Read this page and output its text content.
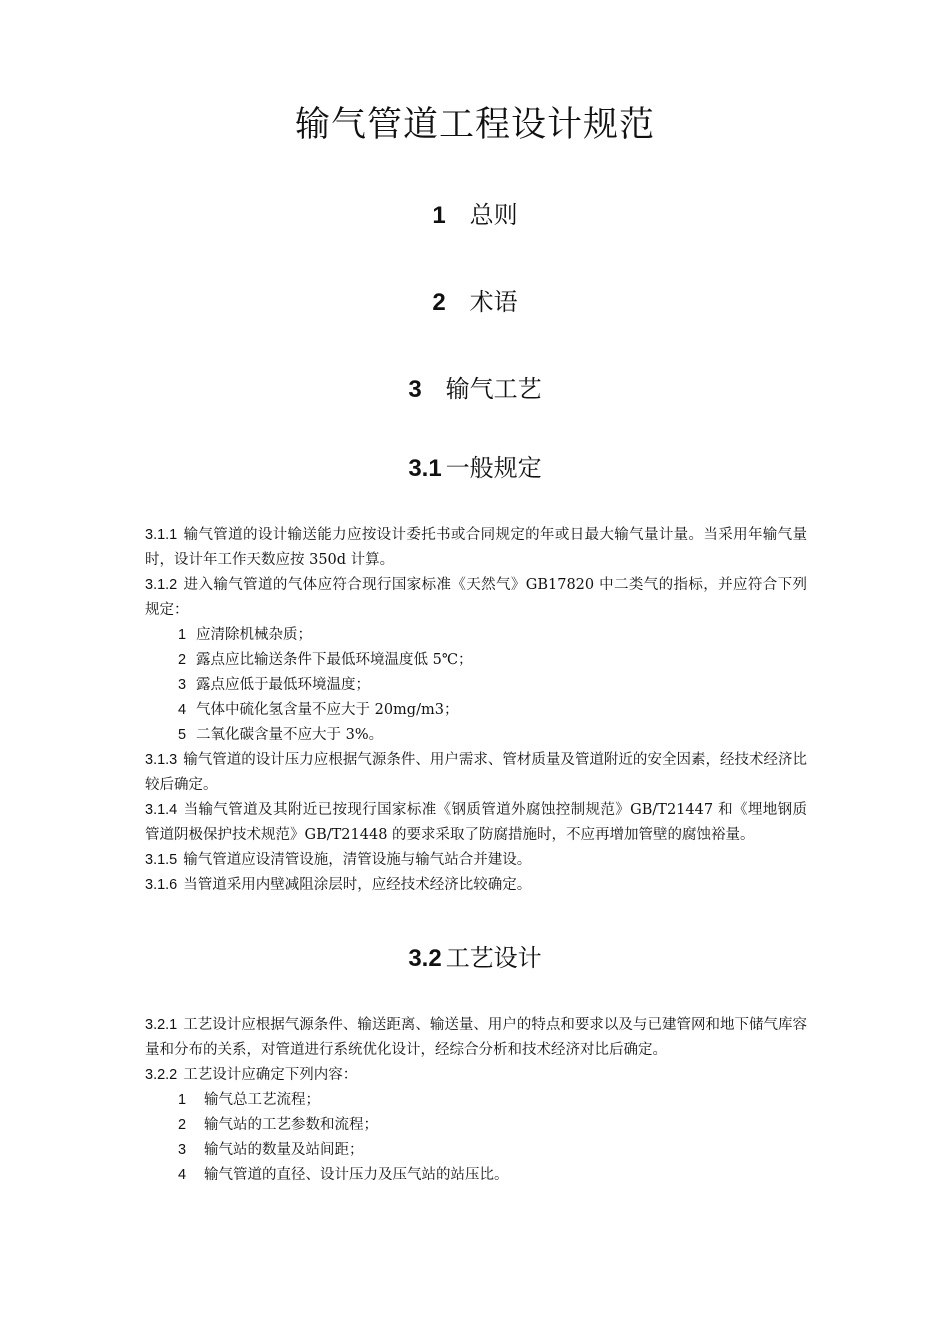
输气管道工程设计规范
1 总则
2 术语
3 输气工艺
3.1 一般规定

3.1.1 输气管道的设计输送能力应按设计委托书或合同规定的年或日最大输气量计量。当采用年输气量时，设计年工作天数应按 350d 计算。

3.1.2 进入输气管道的气体应符合现行国家标准《天然气》GB17820 中二类气的指标，并应符合下列规定：

1 应清除机械杂质；

2 露点应比输送条件下最低环境温度低 5℃；

3 露点应低于最低环境温度；

4 气体中硫化氢含量不应大于 20mg/m3；

5 二氧化碳含量不应大于 3%。

3.1.3 输气管道的设计压力应根据气源条件、用户需求、管材质量及管道附近的安全因素，经技术经济比较后确定。

3.1.4 当输气管道及其附近已按现行国家标准《钢质管道外腐蚀控制规范》GB/T21447 和《埋地钢质管道阴极保护技术规范》GB/T21448 的要求采取了防腐措施时，不应再增加管壁的腐蚀裕量。

3.1.5 输气管道应设清管设施，清管设施与输气站合并建设。

3.1.6 当管道采用内壁减阻涂层时，应经技术经济比较确定。

3.2 工艺设计

3.2.1 工艺设计应根据气源条件、输送距离、输送量、用户的特点和要求以及与已建管网和地下储气库容量和分布的关系，对管道进行系统优化设计，经综合分析和技术经济对比后确定。

3.2.2 工艺设计应确定下列内容：

1 输气总工艺流程；

2 输气站的工艺参数和流程；

3 输气站的数量及站间距；

4 输气管道的直径、设计压力及压气站的站压比。
